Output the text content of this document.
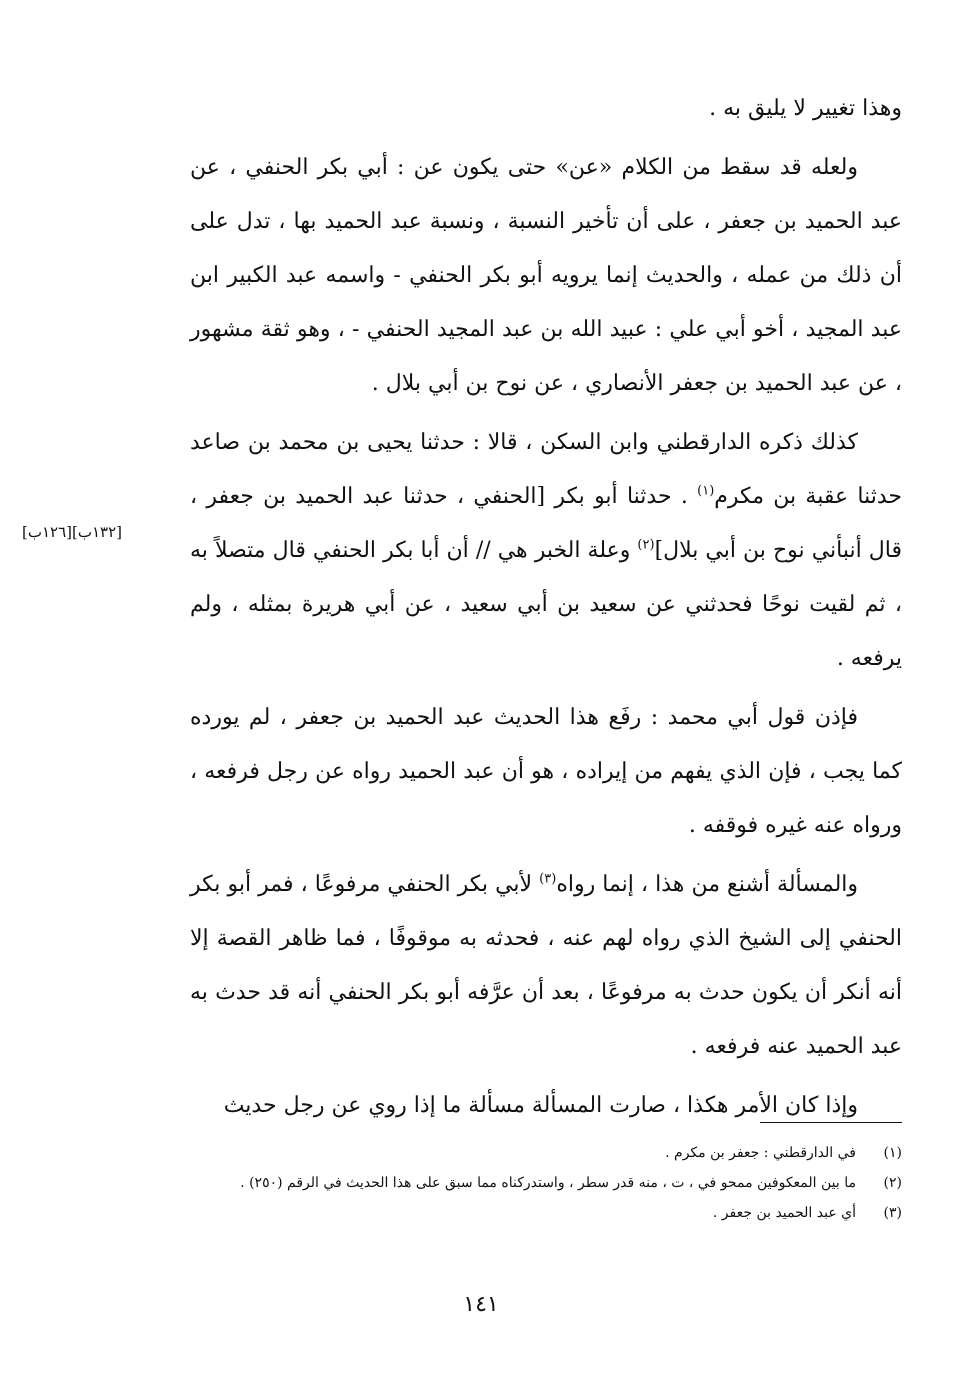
وهذا تغيير لا يليق به .

ولعله قد سقط من الكلام «عن» حتى يكون عن : أبي بكر الحنفي ، عن عبد الحميد بن جعفر ، على أن تأخير النسبة ، ونسبة عبد الحميد بها ، تدل على أن ذلك من عمله ، والحديث إنما يرويه أبو بكر الحنفي - واسمه عبد الكبير ابن عبد المجيد ، أخو أبي علي : عبيد الله بن عبد المجيد الحنفي - ، وهو ثقة مشهور ، عن عبد الحميد بن جعفر الأنصاري ، عن نوح بن أبي بلال .

كذلك ذكره الدارقطني وابن السكن ، قالا : حدثنا يحيى بن محمد بن صاعد حدثنا عقبة بن مكرم$^{(١)}$ . حدثنا أبو بكر [الحنفي ، حدثنا عبد الحميد بن جعفر ، قال أنبأني نوح بن أبي بلال]$^{(٢)}$ وعلة الخبر هي // أن أبا بكر الحنفي قال متصلاً به ، ثم لقيت نوحًا فحدثني عن سعيد بن أبي سعيد ، عن أبي هريرة بمثله ، ولم يرفعه .

فإذن قول أبي محمد : رفَع هذا الحديث عبد الحميد بن جعفر ، لم يورده كما يجب ، فإن الذي يفهم من إيراده ، هو أن عبد الحميد رواه عن رجل فرفعه ، ورواه عنه غيره فوقفه .

والمسألة أشنع من هذا ، إنما رواه$^{(٣)}$ لأبي بكر الحنفي مرفوعًا ، فمر أبو بكر الحنفي إلى الشيخ الذي رواه لهم عنه ، فحدثه به موقوفًا ، فما ظاهر القصة إلا أنه أنكر أن يكون حدث به مرفوعًا ، بعد أن عرَّفه أبو بكر الحنفي أنه قد حدث به عبد الحميد عنه فرفعه .

وإذا كان الأمر هكذا ، صارت المسألة مسألة ما إذا روي عن رجل حديث

[١٣٢ب][١٢٦ب]
(١)
في الدارقطني : جعفر بن مكرم .
(٢)
ما بين المعكوفين ممحو في ، ت ، منه قدر سطر ، واستدركناه مما سبق على هذا الحديث في الرقم (٢٥٠) .
(٣)
أي عبد الحميد بن جعفر .
١٤١
